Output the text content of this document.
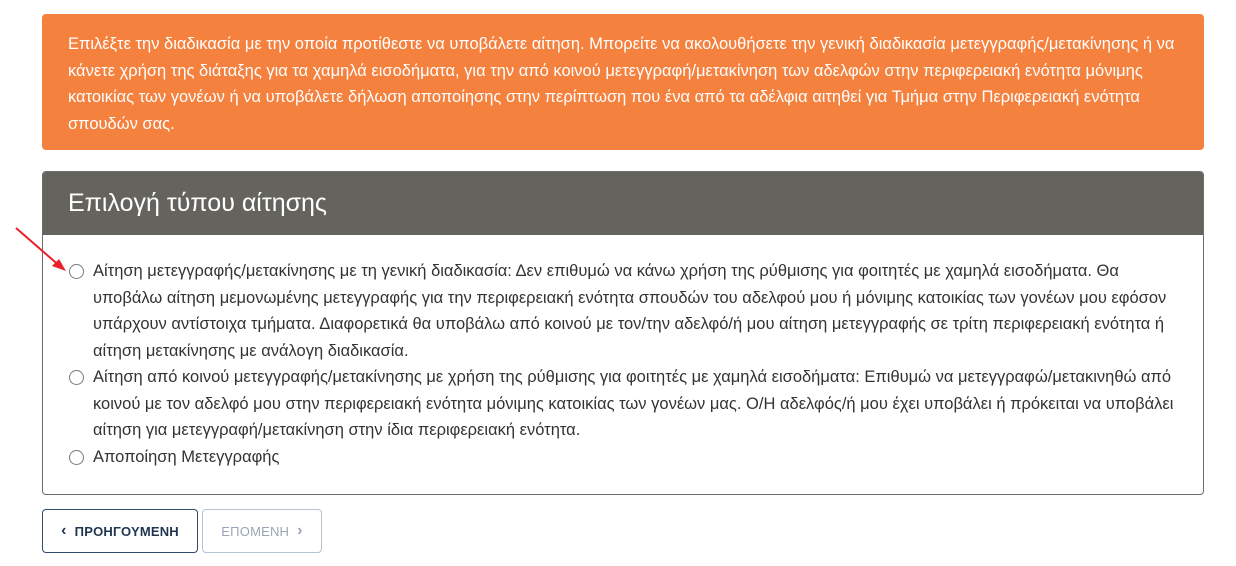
Επιλέξτε την διαδικασία με την οποία προτίθεστε να υποβάλετε αίτηση. Μπορείτε να ακολουθήσετε την γενική διαδικασία μετεγγραφής/μετακίνησης ή να κάνετε χρήση της διάταξης για τα χαμηλά εισοδήματα, για την από κοινού μετεγγραφή/μετακίνηση των αδελφών στην περιφερειακή ενότητα μόνιμης κατοικίας των γονέων ή να υποβάλετε δήλωση αποποίησης στην περίπτωση που ένα από τα αδέλφια αιτηθεί για Τμήμα στην Περιφερειακή ενότητα σπουδών σας.
Επιλογή τύπου αίτησης
Αίτηση μετεγγραφής/μετακίνησης με τη γενική διαδικασία: Δεν επιθυμώ να κάνω χρήση της ρύθμισης για φοιτητές με χαμηλά εισοδήματα. Θα υποβάλω αίτηση μεμονωμένης μετεγγραφής για την περιφερειακή ενότητα σπουδών του αδελφού μου ή μόνιμης κατοικίας των γονέων μου εφόσον υπάρχουν αντίστοιχα τμήματα. Διαφορετικά θα υποβάλω από κοινού με τον/την αδελφό/ή μου αίτηση μετεγγραφής σε τρίτη περιφερειακή ενότητα ή αίτηση μετακίνησης με ανάλογη διαδικασία.
Αίτηση από κοινού μετεγγραφής/μετακίνησης με χρήση της ρύθμισης για φοιτητές με χαμηλά εισοδήματα: Επιθυμώ να μετεγγραφώ/μετακινηθώ από κοινού με τον αδελφό μου στην περιφερειακή ενότητα μόνιμης κατοικίας των γονέων μας. Ο/Η αδελφός/ή μου έχει υποβάλει ή πρόκειται να υποβάλει αίτηση για μετεγγραφή/μετακίνηση στην ίδια περιφερειακή ενότητα.
Αποποίηση Μετεγγραφής
‹ ΠΡΟΗΓΟΥΜΕΝΗ	ΕΠΟΜΕΝΗ ›
